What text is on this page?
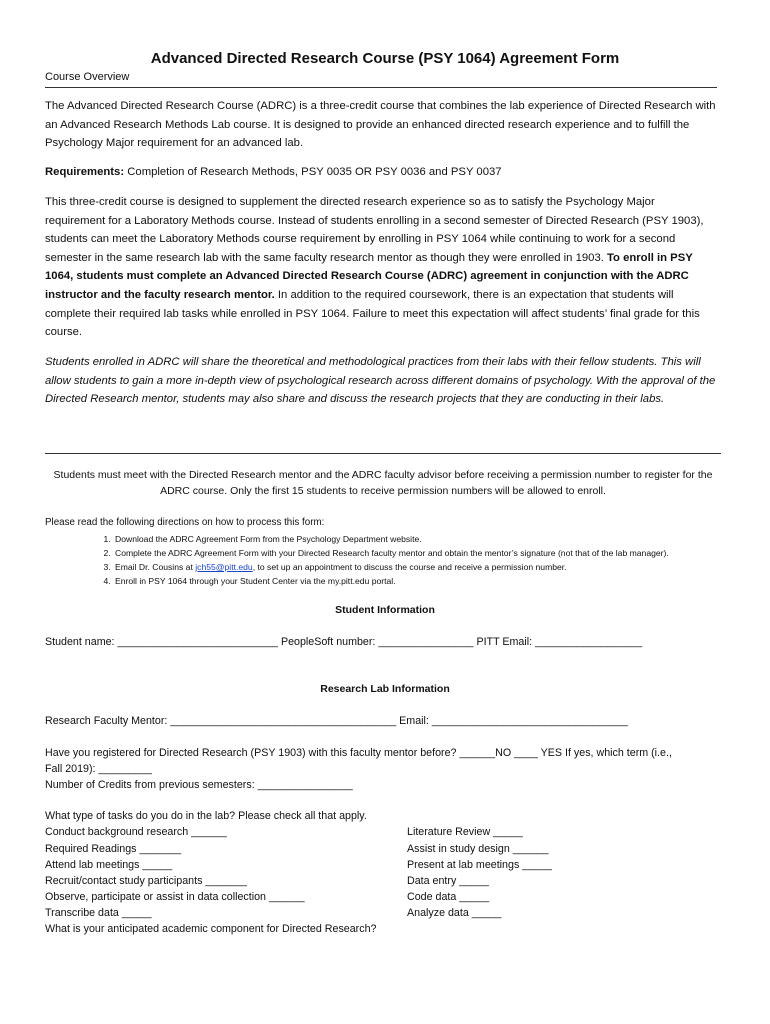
Advanced Directed Research Course (PSY 1064) Agreement Form
Course Overview

The Advanced Directed Research Course (ADRC) is a three-credit course that combines the lab experience of Directed Research with an Advanced Research Methods Lab course. It is designed to provide an enhanced directed research experience and to fulfill the Psychology Major requirement for an advanced lab.

Requirements: Completion of Research Methods, PSY 0035 OR PSY 0036 and PSY 0037

This three-credit course is designed to supplement the directed research experience so as to satisfy the Psychology Major requirement for a Laboratory Methods course. Instead of students enrolling in a second semester of Directed Research (PSY 1903), students can meet the Laboratory Methods course requirement by enrolling in PSY 1064 while continuing to work for a second semester in the same research lab with the same faculty research mentor as though they were enrolled in 1903. To enroll in PSY 1064, students must complete an Advanced Directed Research Course (ADRC) agreement in conjunction with the ADRC instructor and the faculty research mentor. In addition to the required coursework, there is an expectation that students will complete their required lab tasks while enrolled in PSY 1064. Failure to meet this expectation will affect students’ final grade for this course.

Students enrolled in ADRC will share the theoretical and methodological practices from their labs with their fellow students. This will allow students to gain a more in-depth view of psychological research across different domains of psychology. With the approval of the Directed Research mentor, students may also share and discuss the research projects that they are conducting in their labs.

Students must meet with the Directed Research mentor and the ADRC faculty advisor before receiving a permission number to register for the ADRC course. Only the first 15 students to receive permission numbers will be allowed to enroll.
Please read the following directions on how to process this form:
1. Download the ADRC Agreement Form from the Psychology Department website.
2. Complete the ADRC Agreement Form with your Directed Research faculty mentor and obtain the mentor’s signature (not that of the lab manager).
3. Email Dr. Cousins at jch55@pitt.edu, to set up an appointment to discuss the course and receive a permission number.
4. Enroll in PSY 1064 through your Student Center via the my.pitt.edu portal.
Student Information
Student name: ___________________________ PeopleSoft number: ________________ PITT Email: __________________
Research Lab Information
Research Faculty Mentor: ______________________________________ Email: _________________________________
Have you registered for Directed Research (PSY 1903) with this faculty mentor before? ______NO ____ YES If yes, which term (i.e.,
Fall 2019): _________
Number of Credits from previous semesters: ________________
What type of tasks do you do in the lab? Please check all that apply.
Conduct background research ______
Required Readings _______
Attend lab meetings _____
Recruit/contact study participants _______
Observe, participate or assist in data collection ______
Transcribe data _____
Literature Review _____
Assist in study design ______
Present at lab meetings _____
Data entry _____
Code data _____
Analyze data _____
What is your anticipated academic component for Directed Research?
